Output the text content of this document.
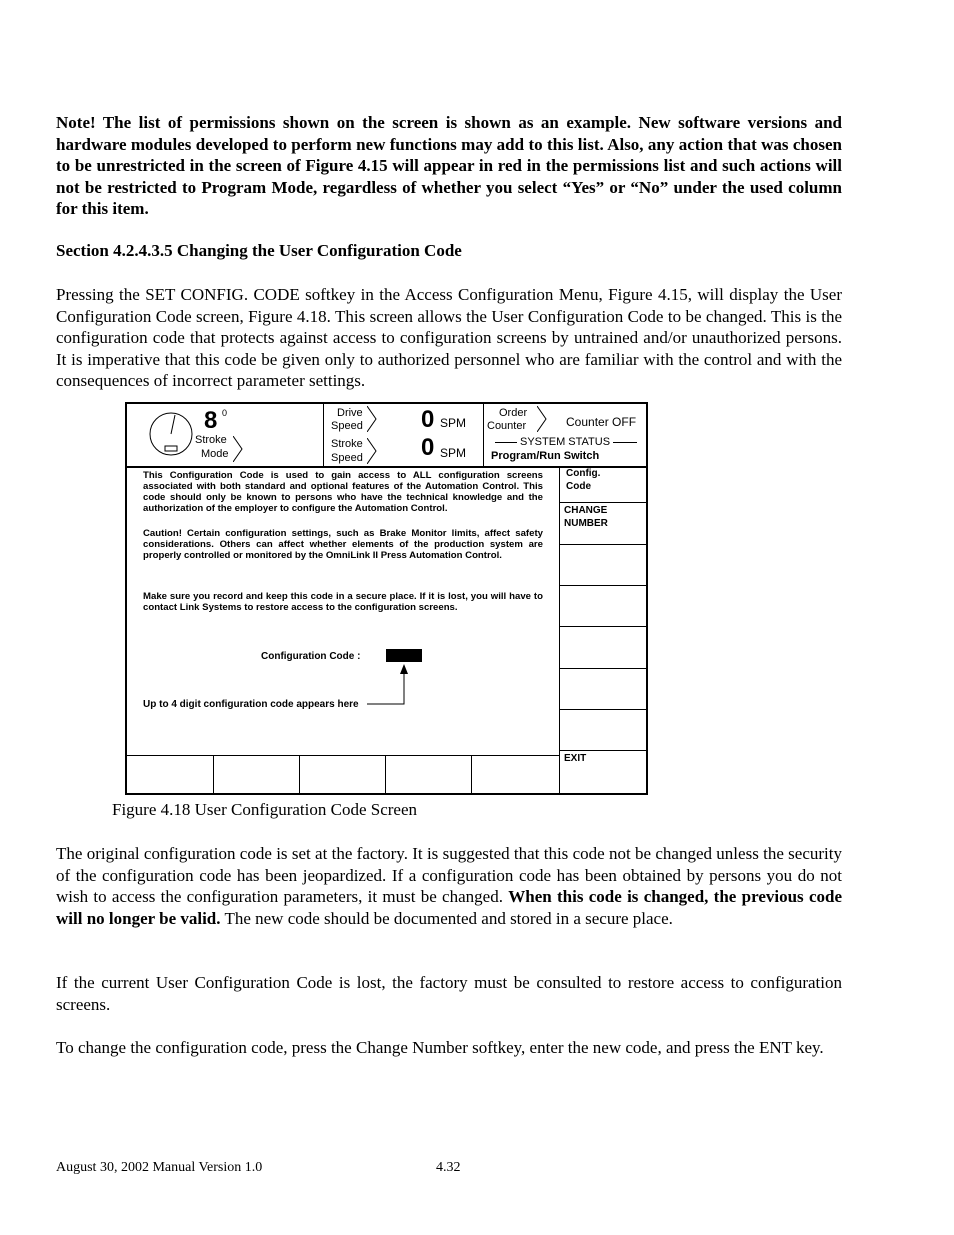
Note! The list of permissions shown on the screen is shown as an example. New software versions and hardware modules developed to perform new functions may add to this list. Also, any action that was chosen to be unrestricted in the screen of Figure 4.15 will appear in red in the permissions list and such actions will not be restricted to Program Mode, regardless of whether you select “Yes” or “No” under the used column for this item.

Section 4.2.4.3.5 Changing the User Configuration Code

Pressing the SET CONFIG. CODE softkey in the Access Configuration Menu, Figure 4.15, will display the User Configuration Code screen, Figure 4.18. This screen allows the User Configuration Code to be changed. This is the configuration code that protects against access to configuration screens by untrained and/or unauthorized persons. It is imperative that this code be given only to authorized personnel who are familiar with the control and with the consequences of incorrect parameter settings.

8 0
Stroke
Mode
Drive
Speed 0 SPM
Stroke
Speed 0 SPM
Order
Counter	Counter OFF
SYSTEM STATUS
Program/Run Switch
Config.
Code
CHANGE
NUMBER
EXIT

This Configuration Code is used to gain access to ALL configuration screens associated with both standard and optional features of the Automation Control. This code should only be known to persons who have the technical knowledge and the authorization of the employer to configure the Automation Control.

Caution! Certain configuration settings, such as Brake Monitor limits, affect safety considerations. Others can affect whether elements of the production system are properly controlled or monitored by the OmniLink II Press Automation Control.

Make sure you record and keep this code in a secure place. If it is lost, you will have to contact Link Systems to restore access to the configuration screens.

Configuration Code :
Up to 4 digit configuration code appears here
Figure 4.18 User Configuration Code Screen

The original configuration code is set at the factory. It is suggested that this code not be changed unless the security of the configuration code has been jeopardized. If a configuration code has been obtained by persons you do not wish to access the configuration parameters, it must be changed. When this code is changed, the previous code will no longer be valid. The new code should be documented and stored in a secure place.

If the current User Configuration Code is lost, the factory must be consulted to restore access to configuration screens.

To change the configuration code, press the Change Number softkey, enter the new code, and press the ENT key.

August 30, 2002 Manual Version 1.0	4.32
